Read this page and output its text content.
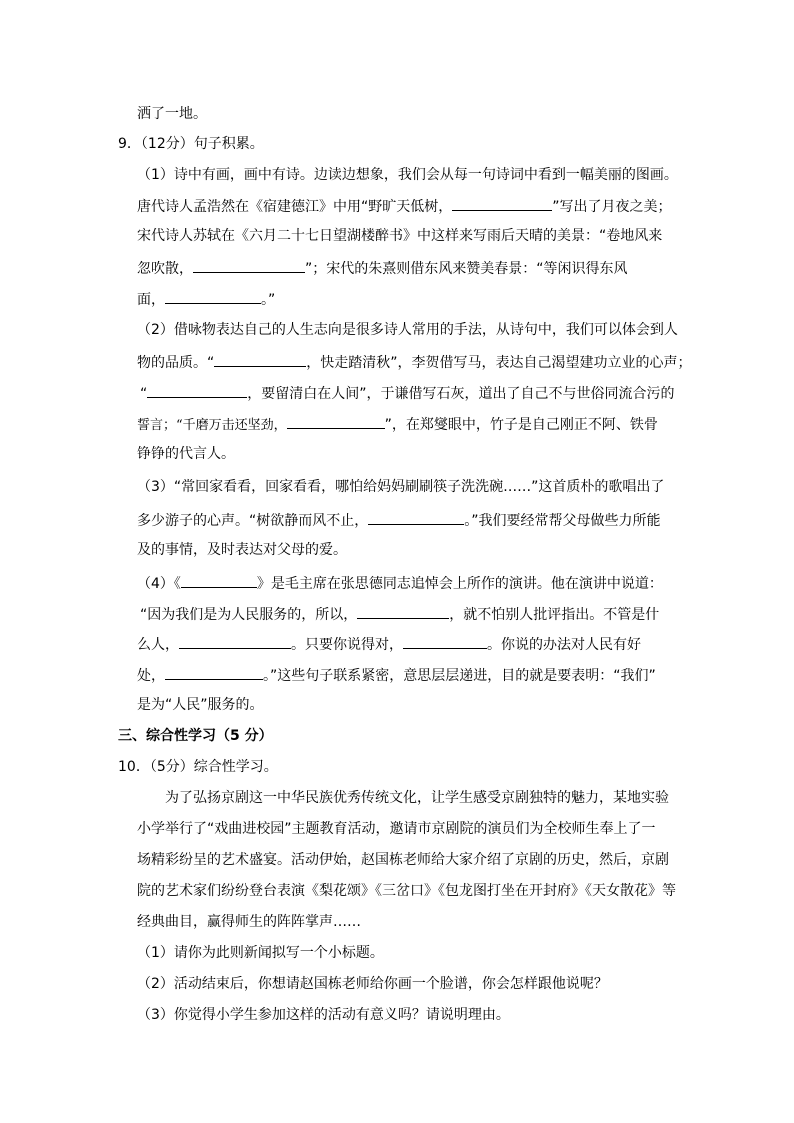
洒了一地。
9．（12分）句子积累。
（1）诗中有画，画中有诗。边读边想象，我们会从每一句诗词中看到一幅美丽的图画。
唐代诗人孟浩然在《宿建德江》中用“野旷天低树，	”写出了月夜之美；
宋代诗人苏轼在《六月二十七日望湖楼醉书》中这样来写雨后天晴的美景：“卷地风来
忽吹散，	”；宋代的朱熹则借东风来赞美春景：“等闲识得东风
面，	。”
（2）借咏物表达自己的人生志向是很多诗人常用的手法，从诗句中，我们可以体会到人
物的品质。“	，快走踏清秋”，李贺借写马，表达自己渴望建功立业的心声；
“	，要留清白在人间”，于谦借写石灰，道出了自己不与世俗同流合污的
誓言；“千磨万击还坚劲，	”，在郑燮眼中，竹子是自己刚正不阿、铁骨
铮铮的代言人。
（3）“常回家看看，回家看看，哪怕给妈妈刷刷筷子洗洗碗……”这首质朴的歌唱出了
多少游子的心声。“树欲静而风不止，	。”我们要经常帮父母做些力所能
及的事情，及时表达对父母的爱。
（4）《	》是毛主席在张思德同志追悼会上所作的演讲。他在演讲中说道：
“因为我们是为人民服务的，所以，	，就不怕别人批评指出。不管是什
么人，	。只要你说得对，	。你说的办法对人民有好
处，	。”这些句子联系紧密，意思层层递进，目的就是要表明：“我们”
是为“人民”服务的。
三、综合性学习（5 分）
10．（5分）综合性学习。
为了弘扬京剧这一中华民族优秀传统文化，让学生感受京剧独特的魅力，某地实验
小学举行了“戏曲进校园”主题教育活动，邀请市京剧院的演员们为全校师生奉上了一
场精彩纷呈的艺术盛宴。活动伊始，赵国栋老师给大家介绍了京剧的历史，然后，京剧
院的艺术家们纷纷登台表演《梨花颂》《三岔口》《包龙图打坐在开封府》《天女散花》等
经典曲目，赢得师生的阵阵掌声……
（1）请你为此则新闻拟写一个小标题。
（2）活动结束后，你想请赵国栋老师给你画一个脸谱，你会怎样跟他说呢？
（3）你觉得小学生参加这样的活动有意义吗？请说明理由。
